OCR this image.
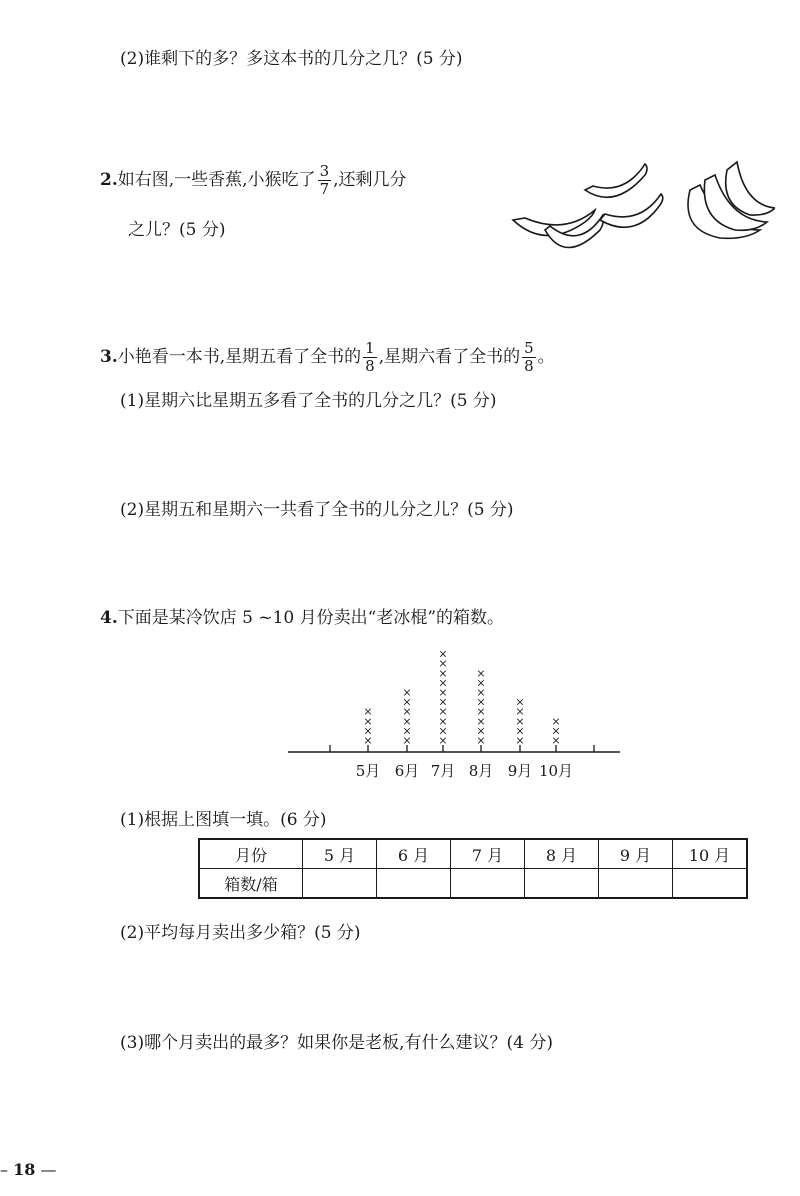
(2)谁剩下的多？多这本书的几分之几？(5 分)
2.如右图,一些香蕉,小猴吃了 $\frac{3}{7}$ ,还剩几分
之儿？(5 分)
3.小艳看一本书,星期五看了全书的 $\frac{1}{8}$ ,星期六看了全书的 $\frac{5}{8}$ 。
(1)星期六比星期五多看了全书的几分之几？(5 分)
(2)星期五和星期六一共看了全书的儿分之儿？(5 分)
4.下面是某冷饮店 5 ~10 月份卖出“老冰棍”的箱数。
5月
×
×
×
×
6月
×
×
×
×
×
×
7月
×
×
×
×
×
×
×
×
×
×
8月
×
×
×
×
×
×
×
×
9月
×
×
×
×
×
10月
×
×
×
(1)根据上图填一填。(6 分)
月份	5 月	6 月	7 月	8 月	9 月	10 月
箱数/箱						
(2)平均每月卖出多少箱？(5 分)
(3)哪个月卖出的最多？如果你是老板,有什么建议？(4 分)
– 18 —
